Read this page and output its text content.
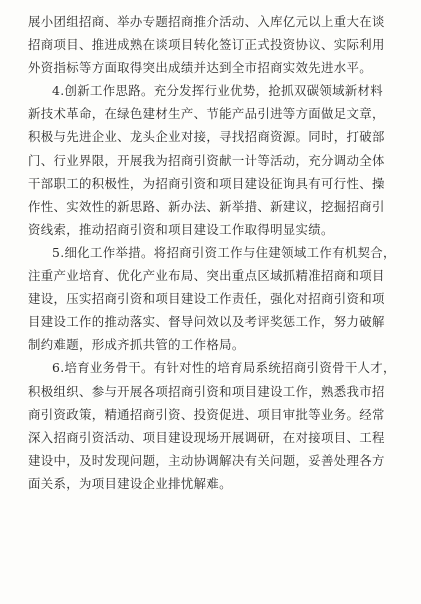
展小团组招商、举办专题招商推介活动、入库亿元以上重大在谈
招商项目、推进成熟在谈项目转化签订正式投资协议、实际利用
外资指标等方面取得突出成绩并达到全市招商实效先进水平。
4.创新工作思路。充分发挥行业优势，抢抓双碳领域新材料
新技术革命，在绿色建材生产、节能产品引进等方面做足文章，
积极与先进企业、龙头企业对接，寻找招商资源。同时，打破部
门、行业界限，开展我为招商引资献一计等活动，充分调动全体
干部职工的积极性，为招商引资和项目建设征询具有可行性、操
作性、实效性的新思路、新办法、新举措、新建议，挖掘招商引
资线索，推动招商引资和项目建设工作取得明显实绩。
5.细化工作举措。将招商引资工作与住建领域工作有机契合，
注重产业培育、优化产业布局、突出重点区域抓精准招商和项目
建设，压实招商引资和项目建设工作责任，强化对招商引资和项
目建设工作的推动落实、督导问效以及考评奖惩工作，努力破解
制约难题，形成齐抓共管的工作格局。
6.培育业务骨干。有针对性的培育局系统招商引资骨干人才，
积极组织、参与开展各项招商引资和项目建设工作，熟悉我市招
商引资政策，精通招商引资、投资促进、项目审批等业务。经常
深入招商引资活动、项目建设现场开展调研，在对接项目、工程
建设中，及时发现问题，主动协调解决有关问题，妥善处理各方
面关系，为项目建设企业排忧解难。
